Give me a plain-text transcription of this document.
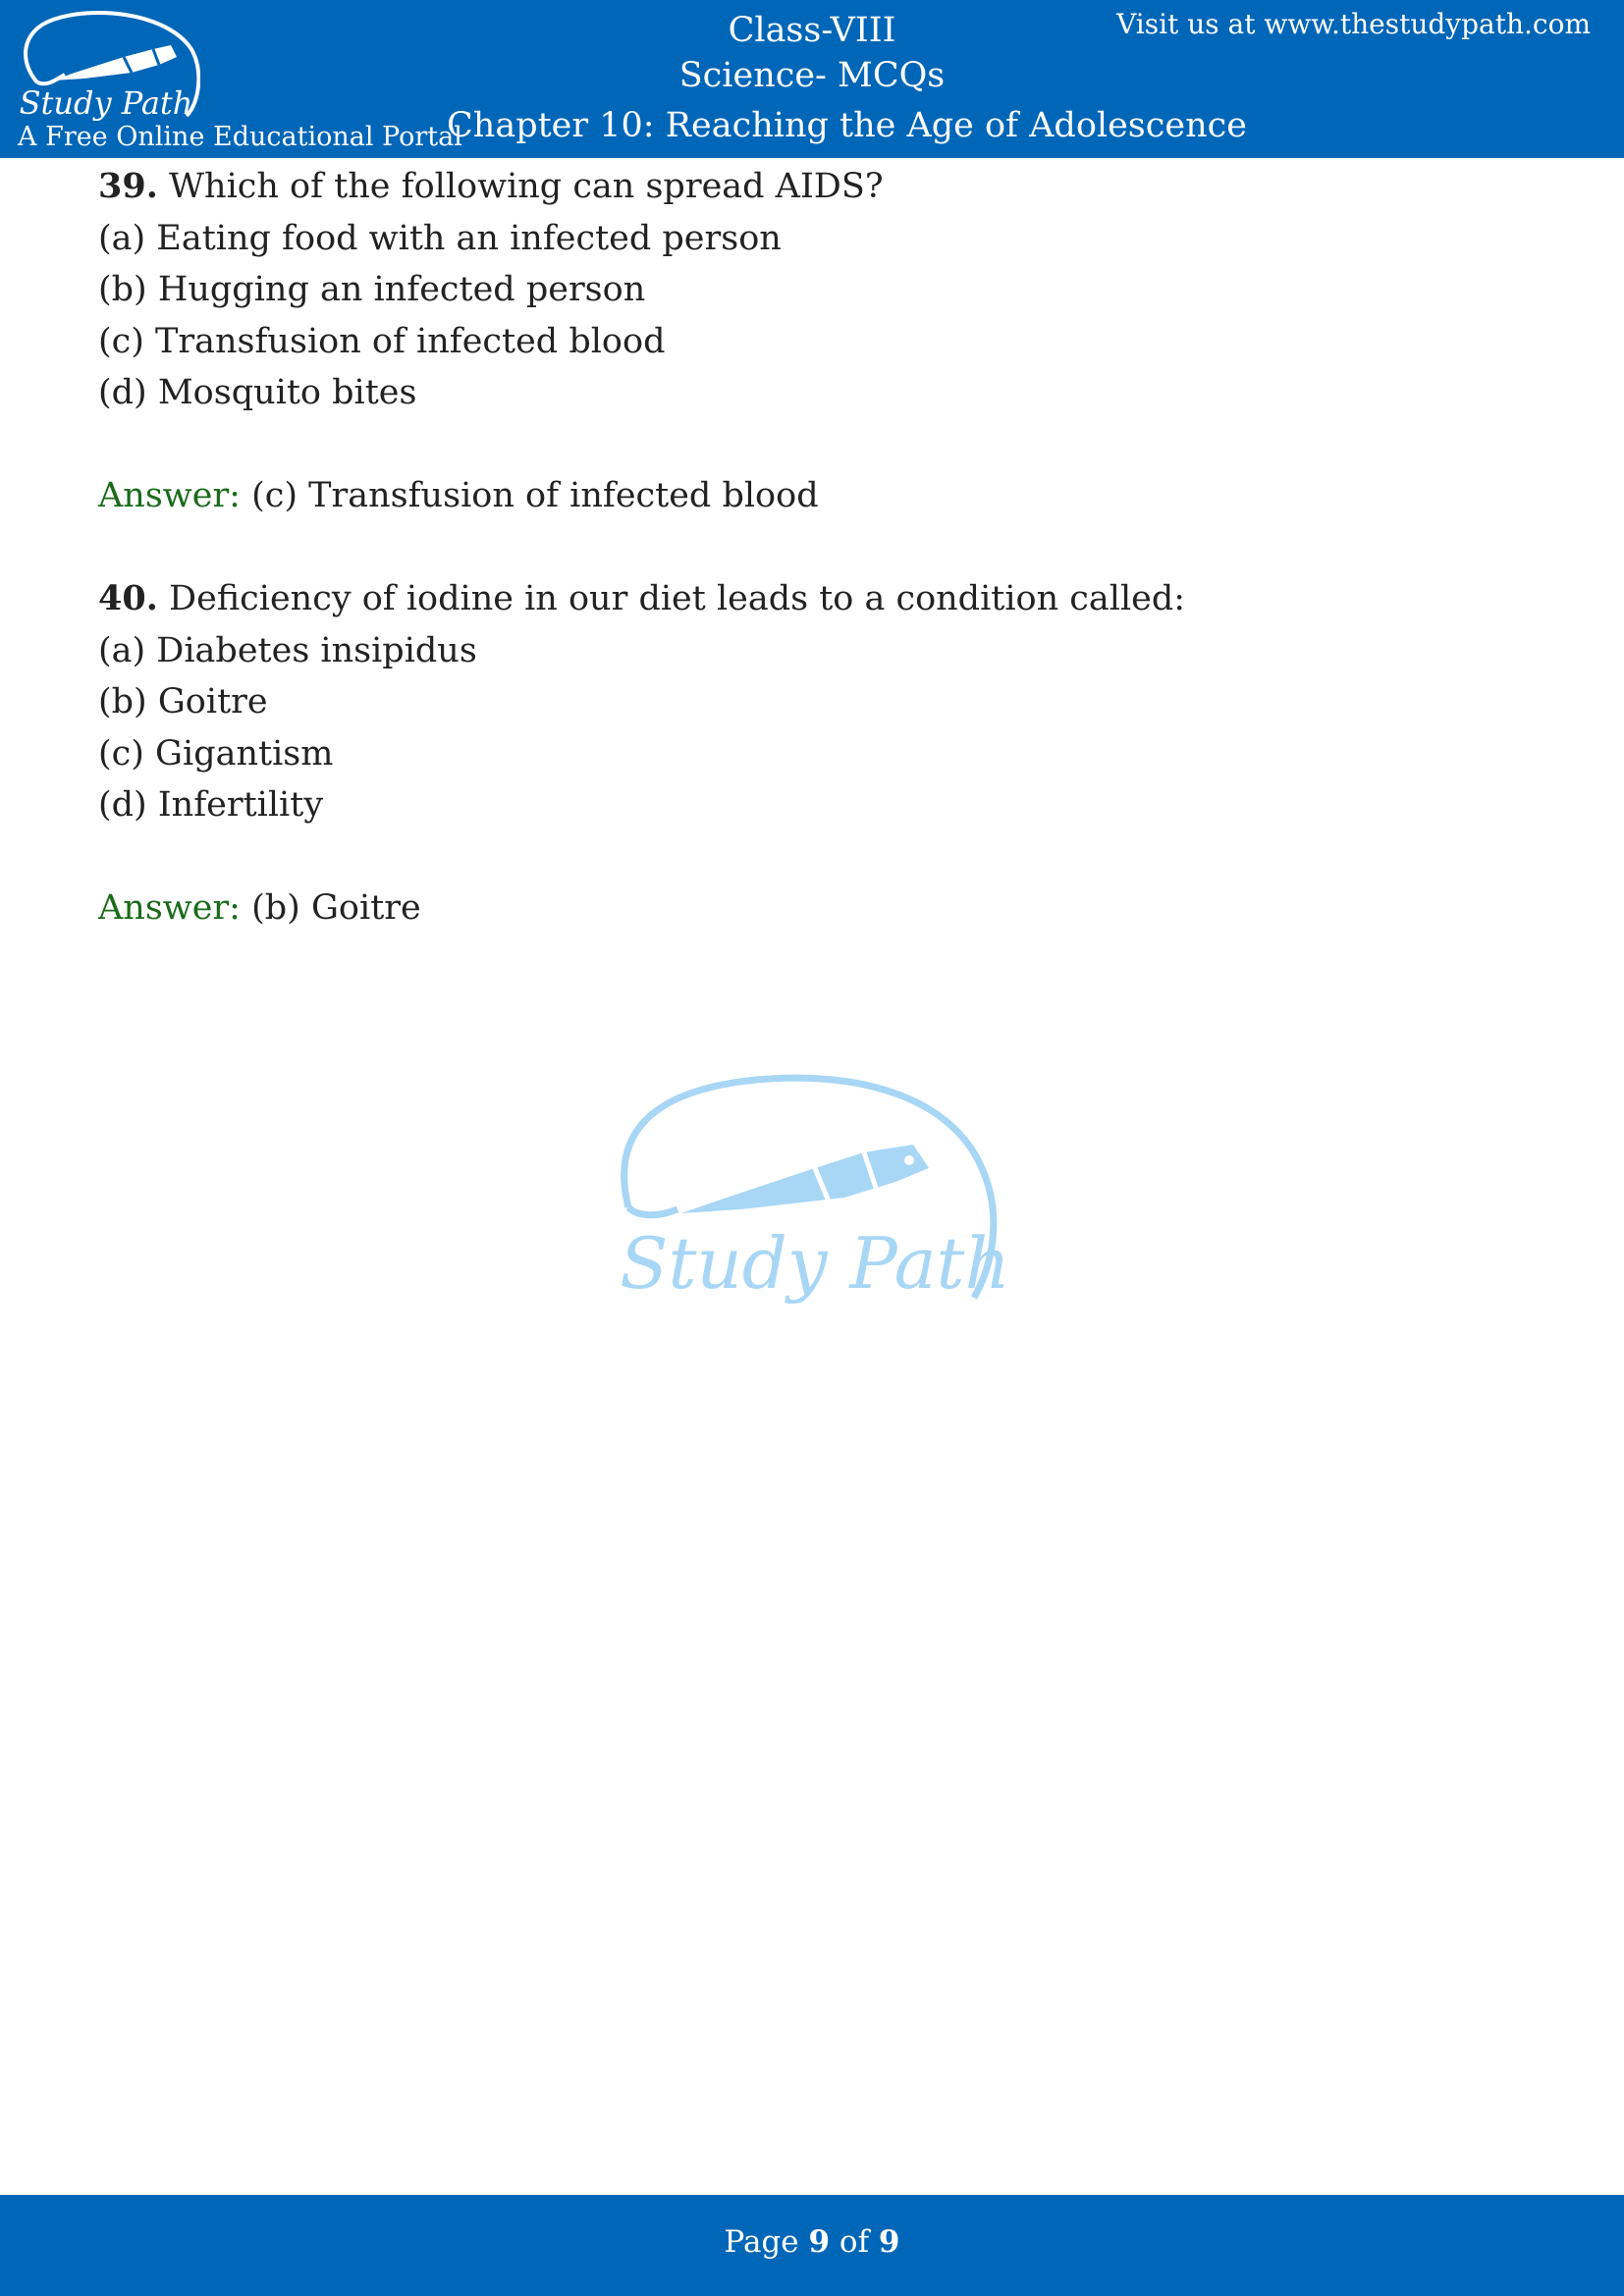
Study Path
A Free Online Educational Portal
Class-VIII
Science- MCQs
Chapter 10: Reaching the Age of Adolescence
Visit us at www.thestudypath.com
39. Which of the following can spread AIDS?
(a) Eating food with an infected person
(b) Hugging an infected person
(c) Transfusion of infected blood
(d) Mosquito bites
Answer: (c) Transfusion of infected blood
40. Deficiency of iodine in our diet leads to a condition called:
(a) Diabetes insipidus
(b) Goitre
(c) Gigantism
(d) Infertility
Answer: (b) Goitre
Study Path
Page 9 of 9
